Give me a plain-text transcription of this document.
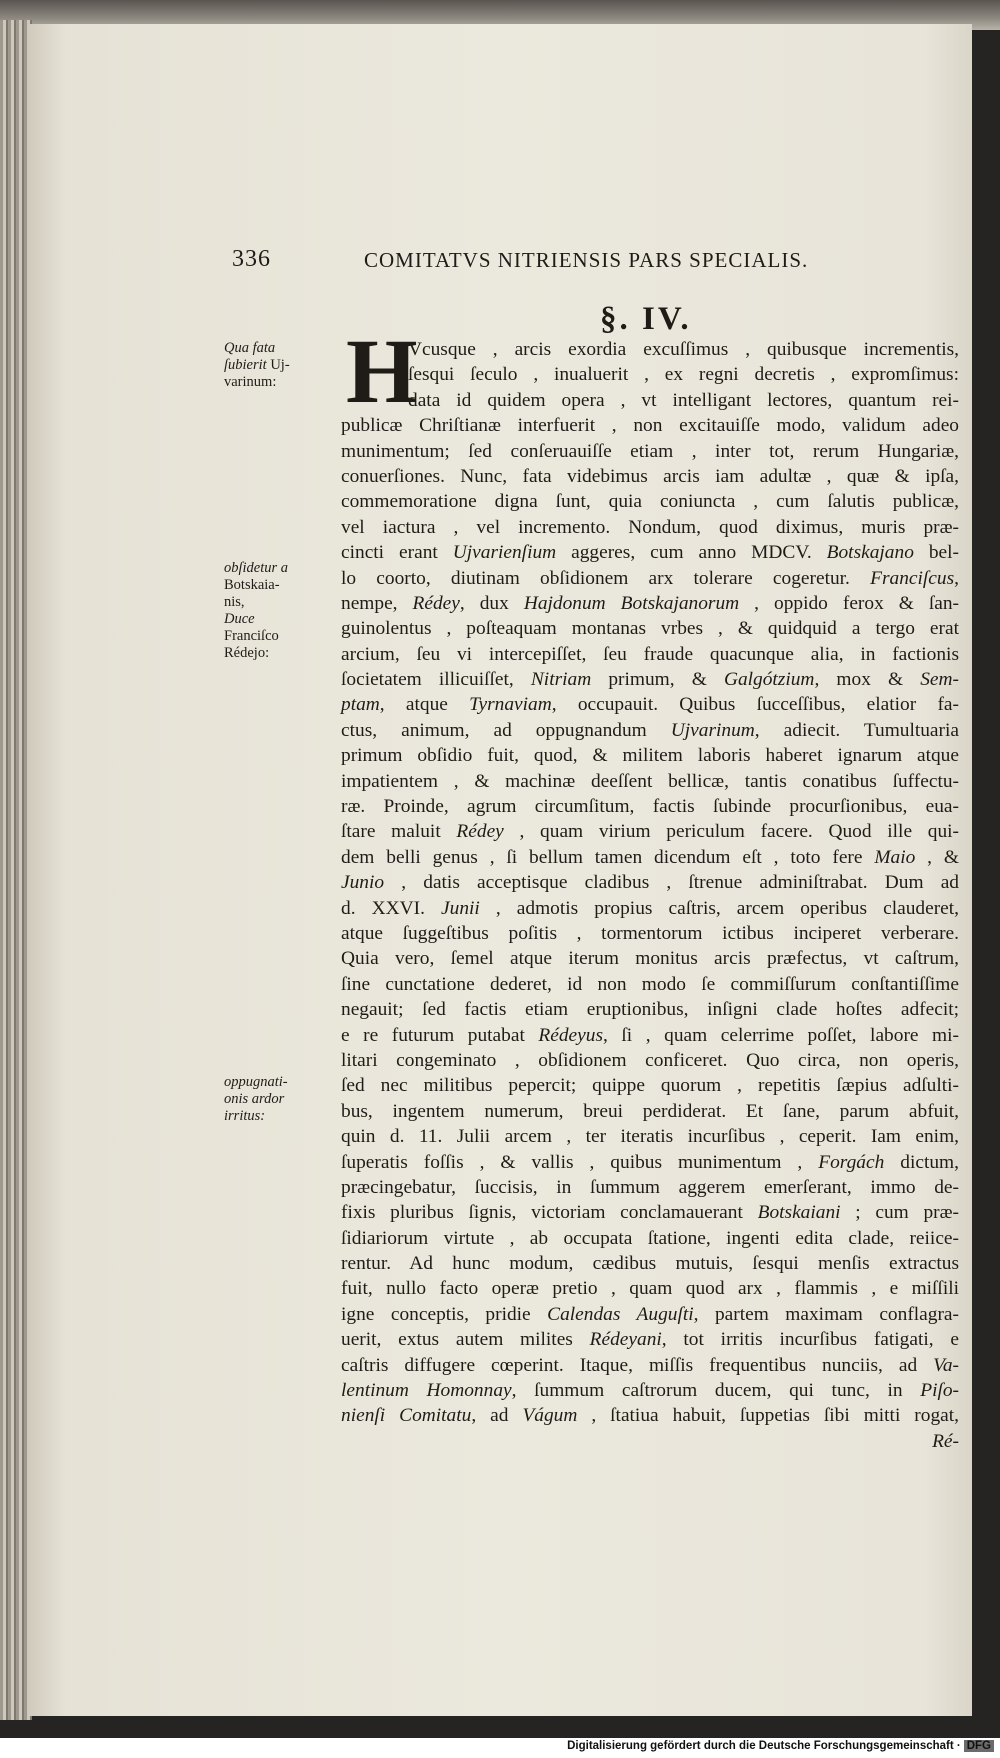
336	COMITATVS NITRIENSIS PARS SPECIALIS.
§. IV.
H
Qua fata
ſubierit Uj-
varinum:
obſidetur a
Botskaia-
nis,
Duce
Franciſco
Rédejo:
oppugnati-
onis ardor
irritus:
Vcusque , arcis exordia excuſſimus , quibusque incrementis,
ſesqui ſeculo , inualuerit , ex regni decretis , expromſimus:
data id quidem opera , vt intelligant lectores, quantum rei-
publicæ Chriſtianæ interfuerit , non excitauiſſe modo, validum adeo
munimentum; ſed conſeruauiſſe etiam , inter tot, rerum Hungariæ,
conuerſiones. Nunc, fata videbimus arcis iam adultæ , quæ & ipſa,
commemoratione digna ſunt, quia coniuncta , cum ſalutis publicæ,
vel iactura , vel incremento. Nondum, quod diximus, muris præ-
cincti erant Ujvarienſium aggeres, cum anno MDCV. Botskajano bel-
lo coorto, diutinam obſidionem arx tolerare cogeretur. Franciſcus,
nempe, Rédey, dux Hajdonum Botskajanorum , oppido ferox & ſan-
guinolentus , poſteaquam montanas vrbes , & quidquid a tergo erat
arcium, ſeu vi intercepiſſet, ſeu fraude quacunque alia, in factionis
ſocietatem illicuiſſet, Nitriam primum, & Galgótzium, mox & Sem-
ptam, atque Tyrnaviam, occupauit. Quibus ſucceſſibus, elatior fa-
ctus, animum, ad oppugnandum Ujvarinum, adiecit. Tumultuaria
primum obſidio fuit, quod, & militem laboris haberet ignarum atque
impatientem , & machinæ deeſſent bellicæ, tantis conatibus ſuffectu-
ræ. Proinde, agrum circumſitum, factis ſubinde procurſionibus, eua-
ſtare maluit Rédey , quam virium periculum facere. Quod ille qui-
dem belli genus , ſi bellum tamen dicendum eſt , toto fere Maio , &
Junio , datis acceptisque cladibus , ſtrenue adminiſtrabat. Dum ad
d. XXVI. Junii , admotis propius caſtris, arcem operibus clauderet,
atque ſuggeſtibus poſitis , tormentorum ictibus inciperet verberare.
Quia vero, ſemel atque iterum monitus arcis præfectus, vt caſtrum,
ſine cunctatione dederet, id non modo ſe commiſſurum conſtantiſſime
negauit; ſed factis etiam eruptionibus, inſigni clade hoſtes adfecit;
e re futurum putabat Rédeyus, ſi , quam celerrime poſſet, labore mi-
litari congeminato , obſidionem conficeret. Quo circa, non operis,
ſed nec militibus pepercit; quippe quorum , repetitis ſæpius adſulti-
bus, ingentem numerum, breui perdiderat. Et ſane, parum abfuit,
quin d. 11. Julii arcem , ter iteratis incurſibus , ceperit. Iam enim,
ſuperatis foſſis , & vallis , quibus munimentum , Forgách dictum,
præcingebatur, ſuccisis, in ſummum aggerem emerſerant, immo de-
fixis pluribus ſignis, victoriam conclamauerant Botskaiani ; cum præ-
ſidiariorum virtute , ab occupata ſtatione, ingenti edita clade, reiice-
rentur. Ad hunc modum, cædibus mutuis, ſesqui menſis extractus
fuit, nullo facto operæ pretio , quam quod arx , flammis , e miſſili
igne conceptis, pridie Calendas Auguſti, partem maximam conflagra-
uerit, extus autem milites Rédeyani, tot irritis incurſibus fatigati, e
caſtris diffugere cœperint. Itaque, miſſis frequentibus nunciis, ad Va-
lentinum Homonnay, ſummum caſtrorum ducem, qui tunc, in Piſo-
nienſi Comitatu, ad Vágum , ſtatiua habuit, ſuppetias ſibi mitti rogat,
Ré-
Digitalisierung gefördert durch die Deutsche Forschungsgemeinschaft · DFG
